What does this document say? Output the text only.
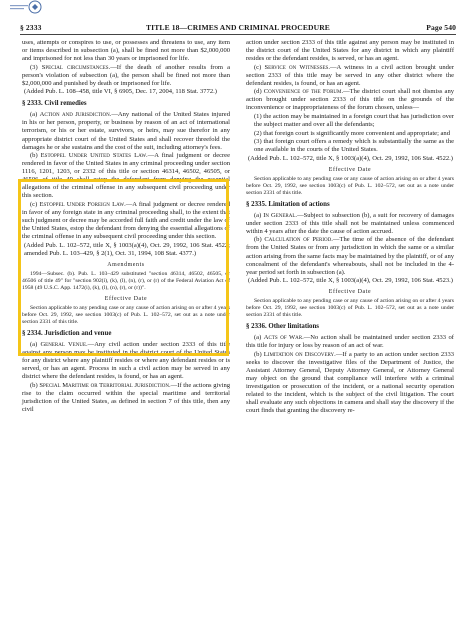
§ 2333	TITLE 18—CRIMES AND CRIMINAL PROCEDURE	Page 540

uses, attempts or conspires to use, or possesses and threatens to use, any item or items described in subsection (a), shall be fined not more than $2,000,000 and imprisoned for not less than 30 years or imprisoned for life.

(3) Special circumstances.—If the death of another results from a person's violation of subsection (a), the person shall be fined not more than $2,000,000 and punished by death or imprisoned for life.

(Added Pub. L. 108–458, title VI, § 6905, Dec. 17, 2004, 118 Stat. 3772.)

§ 2333. Civil remedies

(a) Action and Jurisdiction.—Any national of the United States injured in his or her person, property, or business by reason of an act of international terrorism, or his or her estate, survivors, or heirs, may sue therefor in any appropriate district court of the United States and shall recover threefold the damages he or she sustains and the cost of the suit, including attorney's fees.

(b) Estoppel Under United States Law.—A final judgment or decree rendered in favor of the United States in any criminal proceeding under section 1116, 1201, 1203, or 2332 of this title or section 46314, 46502, 46505, or 46506 of title 49 shall estop the defendant from denying the essential allegations of the criminal offense in any subsequent civil proceeding under this section.

(c) Estoppel Under Foreign Law.—A final judgment or decree rendered in favor of any foreign state in any criminal proceeding shall, to the extent that such judgment or decree may be accorded full faith and credit under the law of the United States, estop the defendant from denying the essential allegations of the criminal offense in any subsequent civil proceeding under this section.

(Added Pub. L. 102–572, title X, § 1003(a)(4), Oct. 29, 1992, 106 Stat. 4522; amended Pub. L. 103–429, § 2(1), Oct. 31, 1994, 108 Stat. 4377.)

Amendments

1994—Subsec. (b). Pub. L. 103–429 substituted "section 46314, 46502, 46505, or 46506 of title 49" for "section 902(i), (k), (l), (n), (r), or (r) of the Federal Aviation Act of 1958 (49 U.S.C. App. 1472(i), (k), (l), (n), (r), or (r))".

Effective Date

Section applicable to any pending case or any cause of action arising on or after 4 years before Oct. 29, 1992, see section 1003(c) of Pub. L. 102–572, set out as a note under section 2331 of this title.

§ 2334. Jurisdiction and venue

(a) General Venue.—Any civil action under section 2333 of this title against any person may be instituted in the district court of the United States for any district where any plaintiff resides or where any defendant resides or is served, or has an agent. Process in such a civil action may be served in any district where the defendant resides, is found, or has an agent.

(b) Special Maritime or Territorial Jurisdiction.—If the actions giving rise to the claim occurred within the special maritime and territorial jurisdiction of the United States, as defined in section 7 of this title, then any civil

action under section 2333 of this title against any person may be instituted in the district court of the United States for any district in which any plaintiff resides or the defendant resides, is served, or has an agent.

(c) Service on Witnesses.—A witness in a civil action brought under section 2333 of this title may be served in any other district where the defendant resides, is found, or has an agent.

(d) Convenience of the Forum.—The district court shall not dismiss any action brought under section 2333 of this title on the grounds of the inconvenience or inappropriateness of the forum chosen, unless—

(1) the action may be maintained in a foreign court that has jurisdiction over the subject matter and over all the defendants;

(2) that foreign court is significantly more convenient and appropriate; and

(3) that foreign court offers a remedy which is substantially the same as the one available in the courts of the United States.

(Added Pub. L. 102–572, title X, § 1003(a)(4), Oct. 29, 1992, 106 Stat. 4522.)

Effective Date

Section applicable to any pending case or any cause of action arising on or after 4 years before Oct. 29, 1992, see section 1003(c) of Pub. L. 102–572, set out as a note under section 2331 of this title.

§ 2335. Limitation of actions

(a) In General.—Subject to subsection (b), a suit for recovery of damages under section 2333 of this title shall not be maintained unless commenced within 4 years after the date the cause of action accrued.

(b) Calculation of Period.—The time of the absence of the defendant from the United States or from any jurisdiction in which the same or a similar action arising from the same facts may be maintained by the plaintiff, or of any concealment of the defendant's whereabouts, shall not be included in the 4-year period set forth in subsection (a).

(Added Pub. L. 102–572, title X, § 1003(a)(4), Oct. 29, 1992, 106 Stat. 4523.)

Effective Date

Section applicable to any pending case or any cause of action arising on or after 4 years before Oct. 29, 1992, see section 1003(c) of Pub. L. 102–572, set out as a note under section 2331 of this title.

§ 2336. Other limitations

(a) Acts of War.—No action shall be maintained under section 2333 of this title for injury or loss by reason of an act of war.

(b) Limitation on Discovery.—If a party to an action under section 2333 seeks to discover the investigative files of the Department of Justice, the Assistant Attorney General, Deputy Attorney General, or Attorney General may object on the ground that compliance will interfere with a criminal investigation or prosecution of the incident, or a national security operation related to the incident, which is the subject of the civil litigation. The court shall evaluate any such objections in camera and shall stay the discovery if the court finds that granting the discovery re-
